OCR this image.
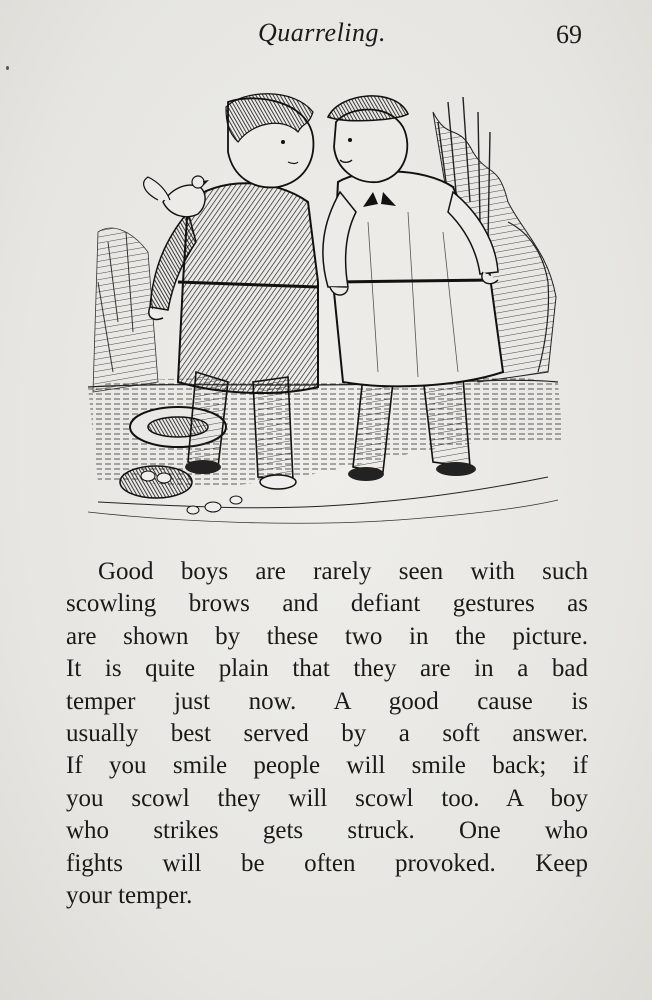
Quarreling.	69

Good boys are rarely seen with such
scowling brows and defiant gestures as
are shown by these two in the picture.
It is quite plain that they are in a bad
temper just now. A good cause is
usually best served by a soft answer.
If you smile people will smile back; if
you scowl they will scowl too. A boy
who strikes gets struck. One who
fights will be often provoked. Keep
your temper.
